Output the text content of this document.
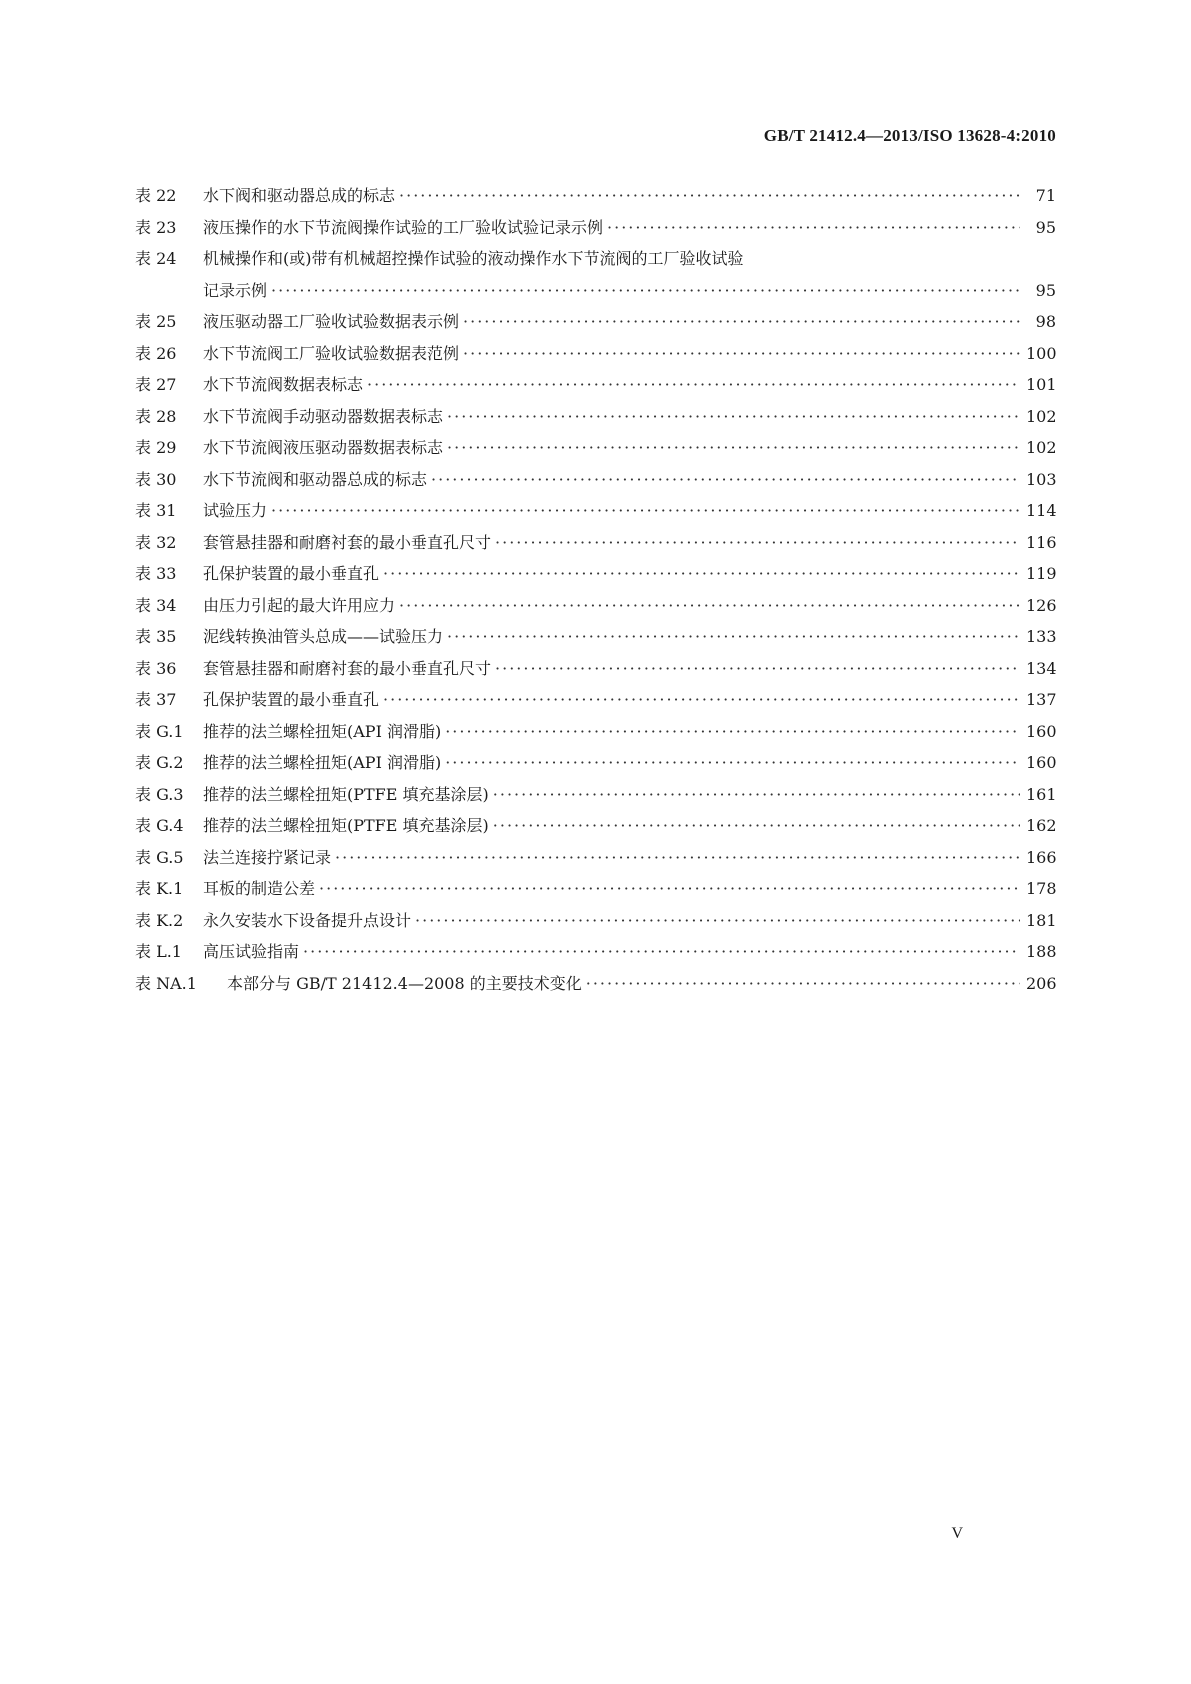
GB/T 21412.4—2013/ISO 13628-4:2010
表 22 水下阀和驱动器总成的标志 ·····	71
表 23 液压操作的水下节流阀操作试验的工厂验收试验记录示例 ·····	95
表 24 机械操作和(或)带有机械超控操作试验的液动操作水下节流阀的工厂验收试验
记录示例 ·····	95
表 25 液压驱动器工厂验收试验数据表示例 ·····	98
表 26 水下节流阀工厂验收试验数据表范例 ·····	100
表 27 水下节流阀数据表标志 ·····	101
表 28 水下节流阀手动驱动器数据表标志 ·····	102
表 29 水下节流阀液压驱动器数据表标志 ·····	102
表 30 水下节流阀和驱动器总成的标志 ·····	103
表 31 试验压力 ·····	114
表 32 套管悬挂器和耐磨衬套的最小垂直孔尺寸 ·····	116
表 33 孔保护装置的最小垂直孔 ·····	119
表 34 由压力引起的最大许用应力 ·····	126
表 35 泥线转换油管头总成——试验压力 ·····	133
表 36 套管悬挂器和耐磨衬套的最小垂直孔尺寸 ·····	134
表 37 孔保护装置的最小垂直孔 ·····	137
表 G.1 推荐的法兰螺栓扭矩(API 润滑脂) ·····	160
表 G.2 推荐的法兰螺栓扭矩(API 润滑脂) ·····	160
表 G.3 推荐的法兰螺栓扭矩(PTFE 填充基涂层) ·····	161
表 G.4 推荐的法兰螺栓扭矩(PTFE 填充基涂层) ·····	162
表 G.5 法兰连接拧紧记录 ·····	166
表 K.1 耳板的制造公差 ·····	178
表 K.2 永久安装水下设备提升点设计 ·····	181
表 L.1 高压试验指南 ·····	188
表 NA.1 本部分与 GB/T 21412.4—2008 的主要技术变化 ·····	206
V
